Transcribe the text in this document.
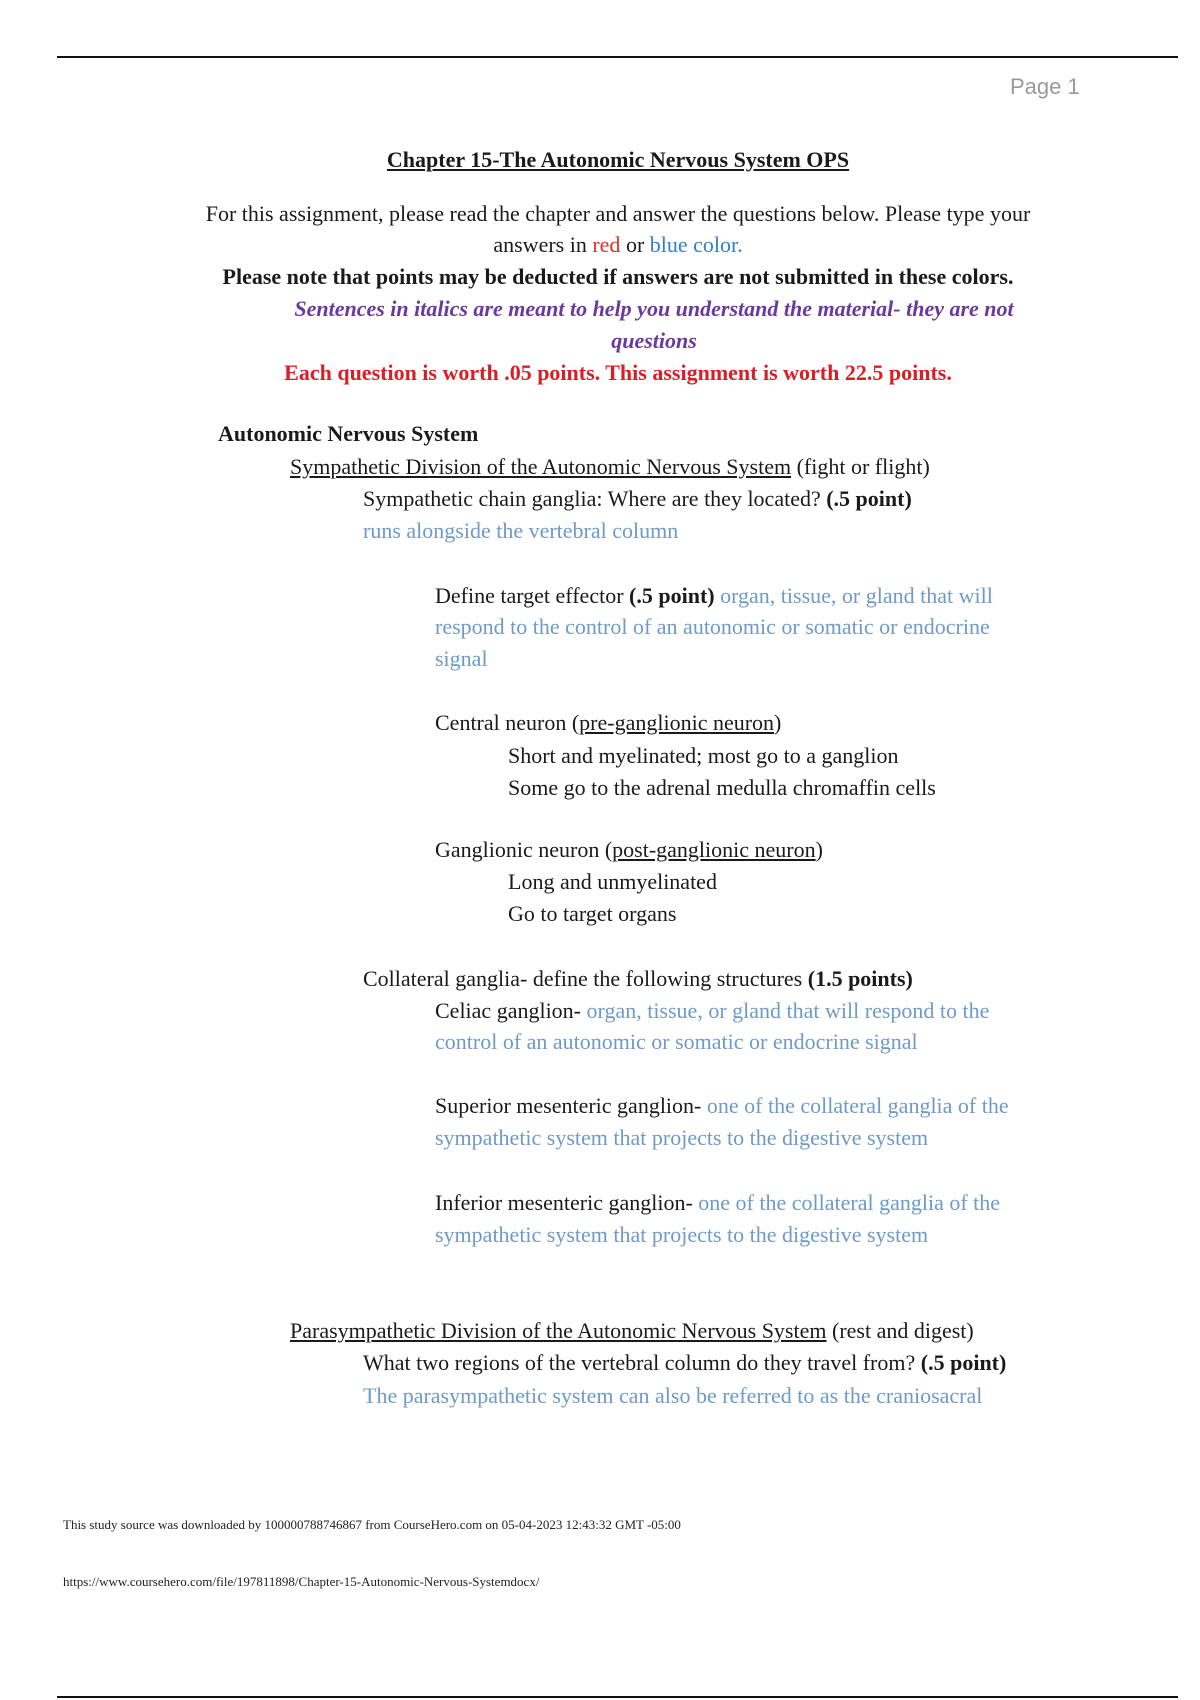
Page 1
Chapter 15-The Autonomic Nervous System OPS
For this assignment, please read the chapter and answer the questions below. Please type your
answers in red or blue color.
Please note that points may be deducted if answers are not submitted in these colors.
Sentences in italics are meant to help you understand the material- they are not
questions
Each question is worth .05 points. This assignment is worth 22.5 points.
Autonomic Nervous System
Sympathetic Division of the Autonomic Nervous System (fight or flight)
Sympathetic chain ganglia: Where are they located? (.5 point)
runs alongside the vertebral column
Define target effector (.5 point) organ, tissue, or gland that will
respond to the control of an autonomic or somatic or endocrine
signal
Central neuron (pre-ganglionic neuron)
Short and myelinated; most go to a ganglion
Some go to the adrenal medulla chromaffin cells
Ganglionic neuron (post-ganglionic neuron)
Long and unmyelinated
Go to target organs
Collateral ganglia- define the following structures (1.5 points)
Celiac ganglion- organ, tissue, or gland that will respond to the
control of an autonomic or somatic or endocrine signal
Superior mesenteric ganglion- one of the collateral ganglia of the
sympathetic system that projects to the digestive system
Inferior mesenteric ganglion- one of the collateral ganglia of the
sympathetic system that projects to the digestive system
Parasympathetic Division of the Autonomic Nervous System (rest and digest)
What two regions of the vertebral column do they travel from? (.5 point)
The parasympathetic system can also be referred to as the craniosacral
This study source was downloaded by 100000788746867 from CourseHero.com on 05-04-2023 12:43:32 GMT -05:00
https://www.coursehero.com/file/197811898/Chapter-15-Autonomic-Nervous-Systemdocx/
